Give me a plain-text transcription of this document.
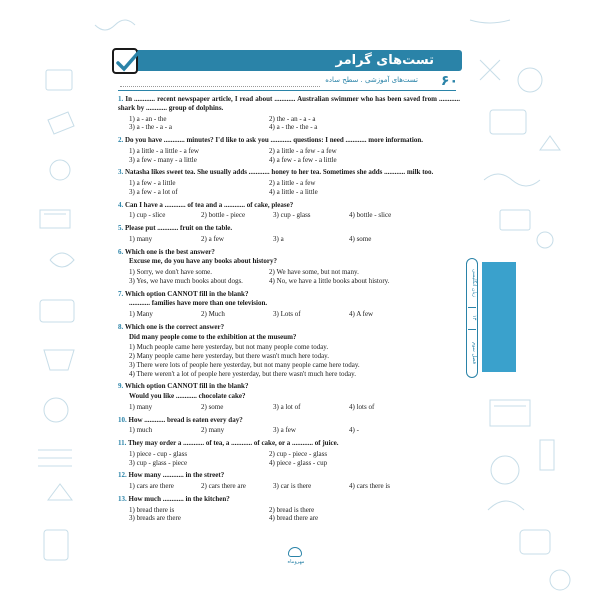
تست‌های گرامر
۶۰
تست‌های آموزشی . سطح ساده
1. In ............ recent newspaper article, I read about ............ Australian swimmer who has been saved from ............ shark by ............ group of dolphins.
1) a - an - the	2) the - an - a - a
3) a - the - a - a	4) a - the - the - a
2. Do you have ............ minutes? I'd like to ask you ............ questions: I need ............ more information.
1) a little - a little - a few	2) a little - a few - a few
3) a few - many - a little	4) a few - a few - a little
3. Natasha likes sweet tea. She usually adds ............ honey to her tea. Sometimes she adds ............ milk too.
1) a few - a little	2) a little - a few
3) a few - a lot of	4) a little - a little
4. Can I have a ............ of tea and a ............ of cake, please?
1) cup - slice	2) bottle - piece	3) cup - glass	4) bottle - slice
5. Please put ............ fruit on the table.
1) many	2) a few	3) a	4) some
6. Which one is the best answer?
Excuse me, do you have any books about history?
1) Sorry, we don't have some.	2) We have some, but not many.
3) Yes, we have much books about dogs.	4) No, we have a little books about history.
7. Which option CANNOT fill in the blank?
............ families have more than one television.
1) Many	2) Much	3) Lots of	4) A few
8. Which one is the correct answer?
Did many people come to the exhibition at the museum?
1) Much people came here yesterday, but not many people come today.
2) Many people came here yesterday, but there wasn't much here today.
3) There were lots of people here yesterday, but not many people came here today.
4) There weren't a lot of people here yesterday, but there wasn't much here today.
9. Which option CANNOT fill in the blank?
Would you like ............ chocolate cake?
1) many	2) some	3) a lot of	4) lots of
10. How ............ bread is eaten every day?
1) much	2) many	3) a few	4) -
11. They may order a ............ of tea, a ............ of cake, or a ............ of juice.
1) piece - cup - glass	2) cup - piece - glass
3) cup - glass - piece	4) piece - glass - cup
12. How many ............ in the street?
1) cars are there	2) cars there are	3) car is there	4) cars there is
13. How much ............ in the kitchen?
1) bread there is	2) bread is there
3) breads are there	4) bread there are
زبان انگلیسی
۱۳
فصل سوم
مهروماه
